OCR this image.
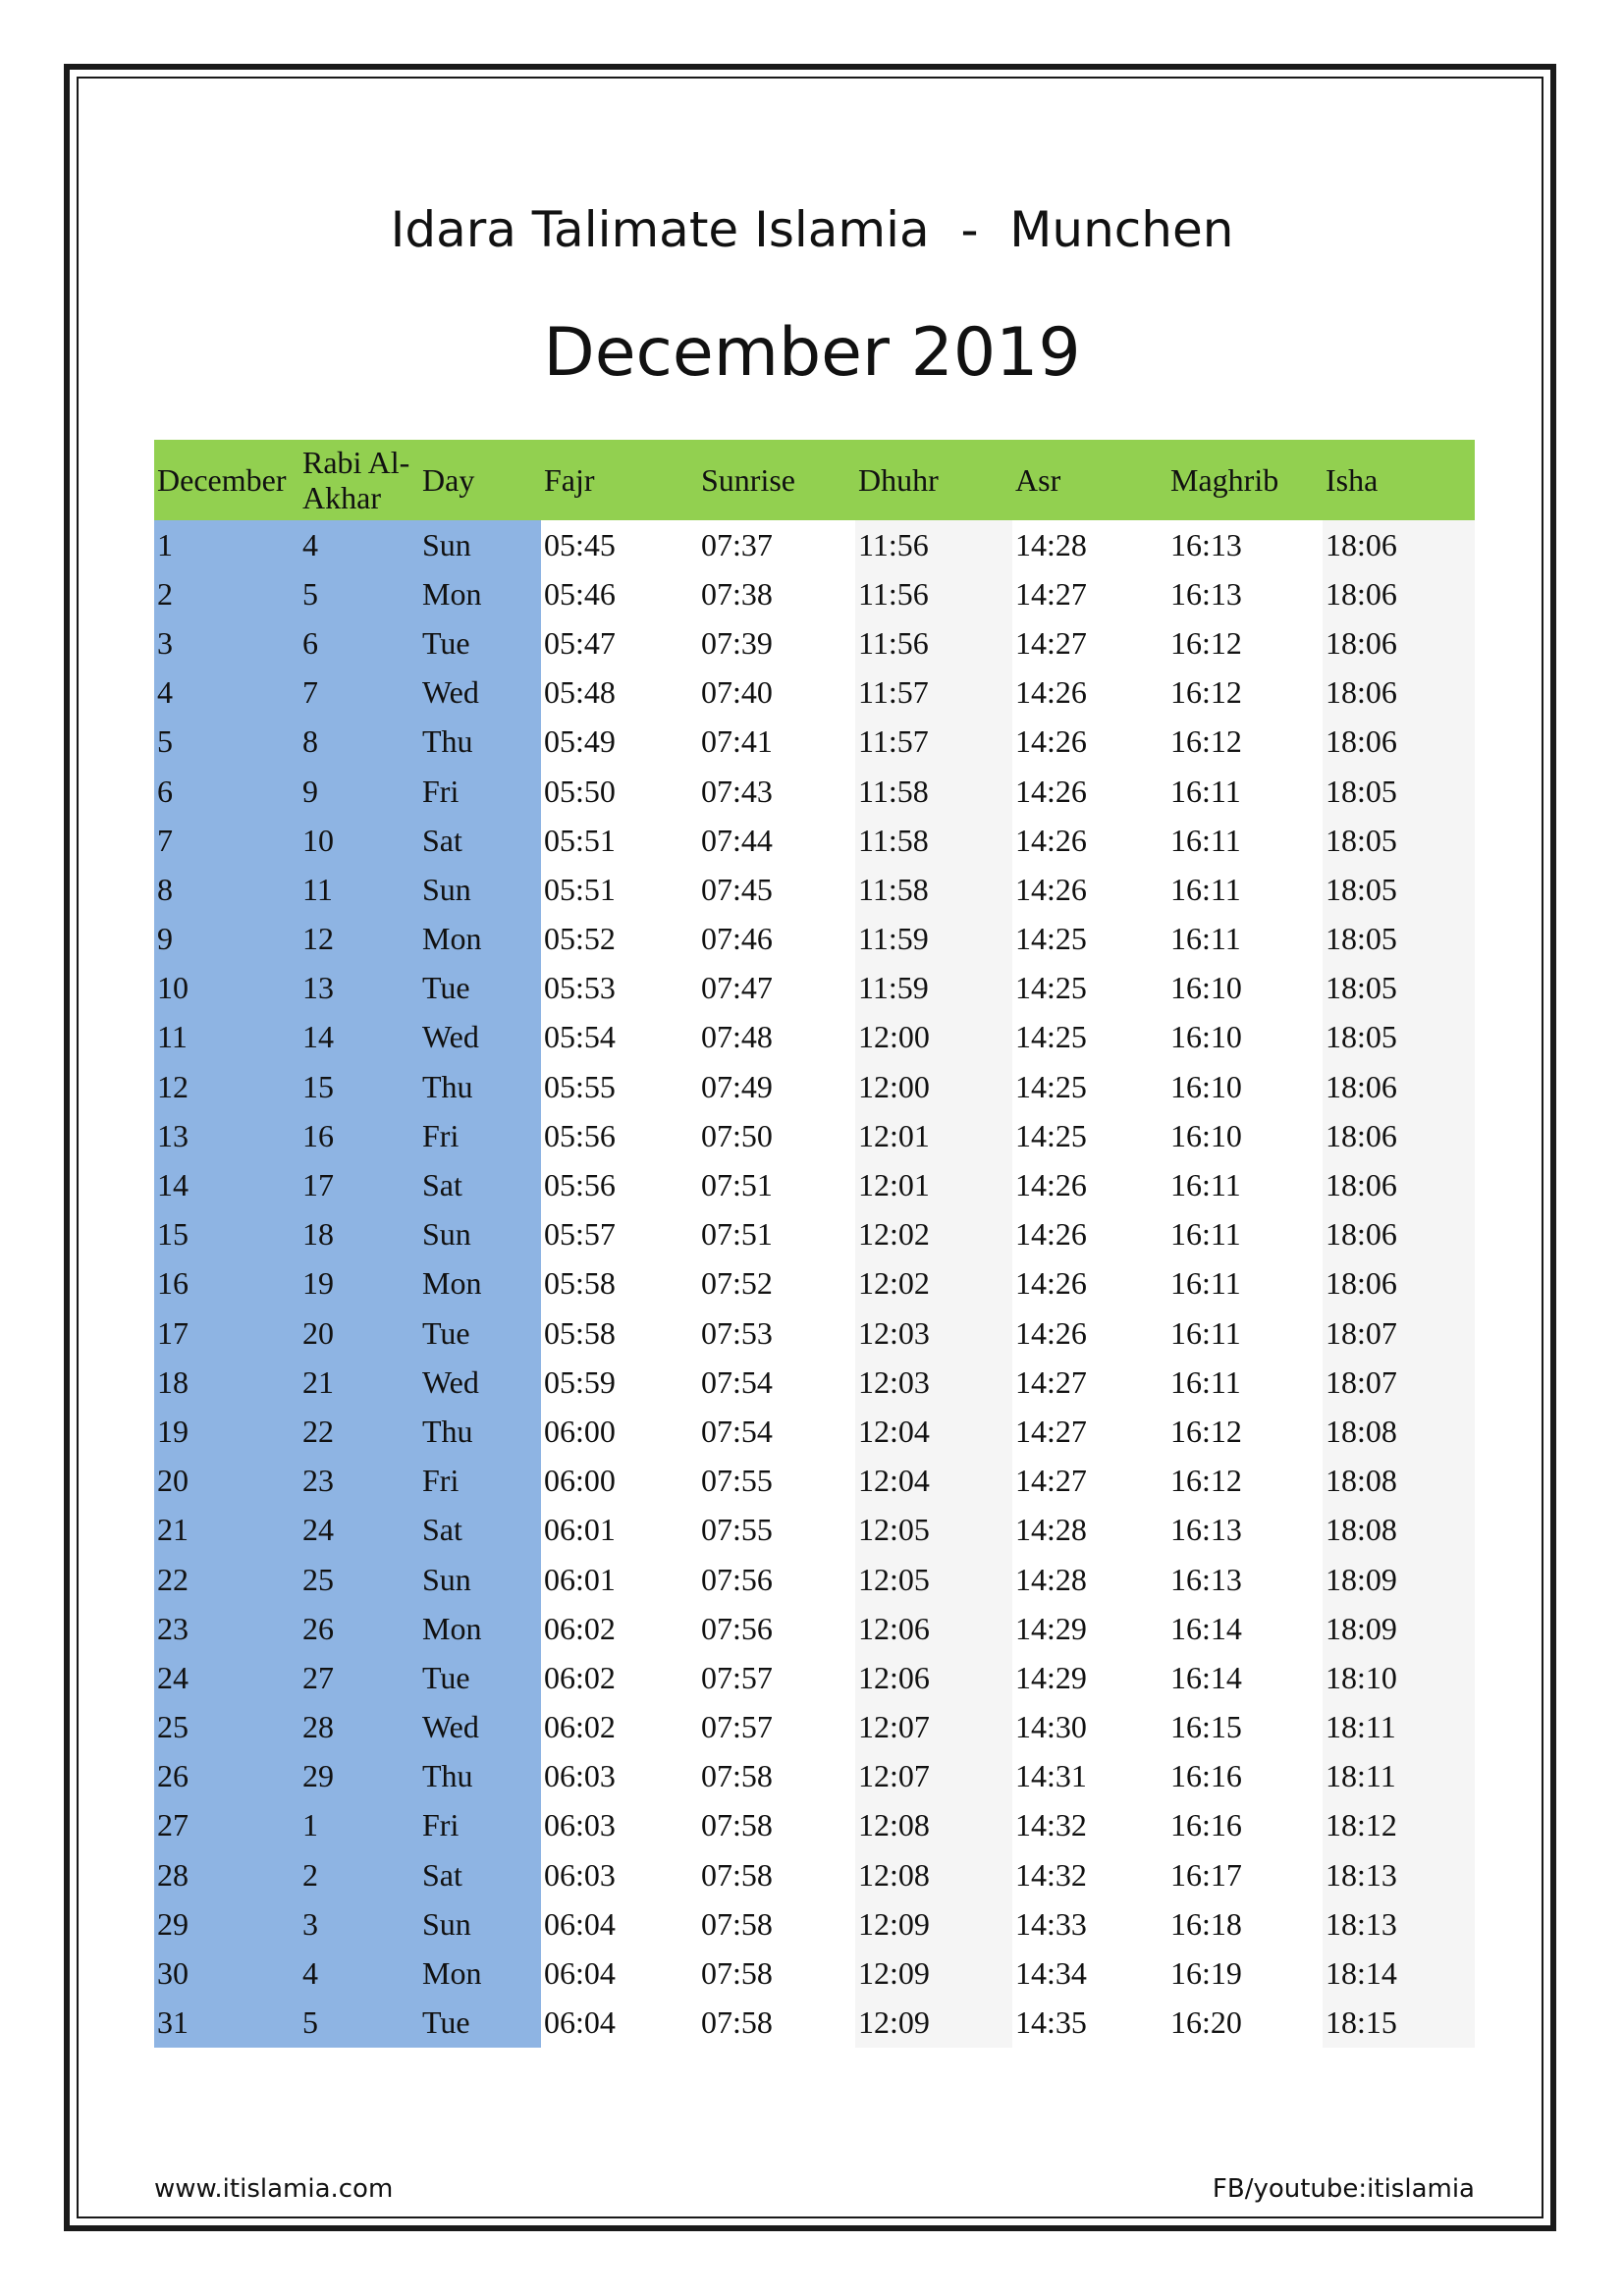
Idara Talimate Islamia  -  Munchen
December 2019
December	Rabi Al-Akhar	Day	Fajr	Sunrise	Dhuhr	Asr	Maghrib	Isha
1	4	Sun	05:45	07:37	11:56	14:28	16:13	18:06
2	5	Mon	05:46	07:38	11:56	14:27	16:13	18:06
3	6	Tue	05:47	07:39	11:56	14:27	16:12	18:06
4	7	Wed	05:48	07:40	11:57	14:26	16:12	18:06
5	8	Thu	05:49	07:41	11:57	14:26	16:12	18:06
6	9	Fri	05:50	07:43	11:58	14:26	16:11	18:05
7	10	Sat	05:51	07:44	11:58	14:26	16:11	18:05
8	11	Sun	05:51	07:45	11:58	14:26	16:11	18:05
9	12	Mon	05:52	07:46	11:59	14:25	16:11	18:05
10	13	Tue	05:53	07:47	11:59	14:25	16:10	18:05
11	14	Wed	05:54	07:48	12:00	14:25	16:10	18:05
12	15	Thu	05:55	07:49	12:00	14:25	16:10	18:06
13	16	Fri	05:56	07:50	12:01	14:25	16:10	18:06
14	17	Sat	05:56	07:51	12:01	14:26	16:11	18:06
15	18	Sun	05:57	07:51	12:02	14:26	16:11	18:06
16	19	Mon	05:58	07:52	12:02	14:26	16:11	18:06
17	20	Tue	05:58	07:53	12:03	14:26	16:11	18:07
18	21	Wed	05:59	07:54	12:03	14:27	16:11	18:07
19	22	Thu	06:00	07:54	12:04	14:27	16:12	18:08
20	23	Fri	06:00	07:55	12:04	14:27	16:12	18:08
21	24	Sat	06:01	07:55	12:05	14:28	16:13	18:08
22	25	Sun	06:01	07:56	12:05	14:28	16:13	18:09
23	26	Mon	06:02	07:56	12:06	14:29	16:14	18:09
24	27	Tue	06:02	07:57	12:06	14:29	16:14	18:10
25	28	Wed	06:02	07:57	12:07	14:30	16:15	18:11
26	29	Thu	06:03	07:58	12:07	14:31	16:16	18:11
27	1	Fri	06:03	07:58	12:08	14:32	16:16	18:12
28	2	Sat	06:03	07:58	12:08	14:32	16:17	18:13
29	3	Sun	06:04	07:58	12:09	14:33	16:18	18:13
30	4	Mon	06:04	07:58	12:09	14:34	16:19	18:14
31	5	Tue	06:04	07:58	12:09	14:35	16:20	18:15
www.itislamia.com	FB/youtube:itislamia
